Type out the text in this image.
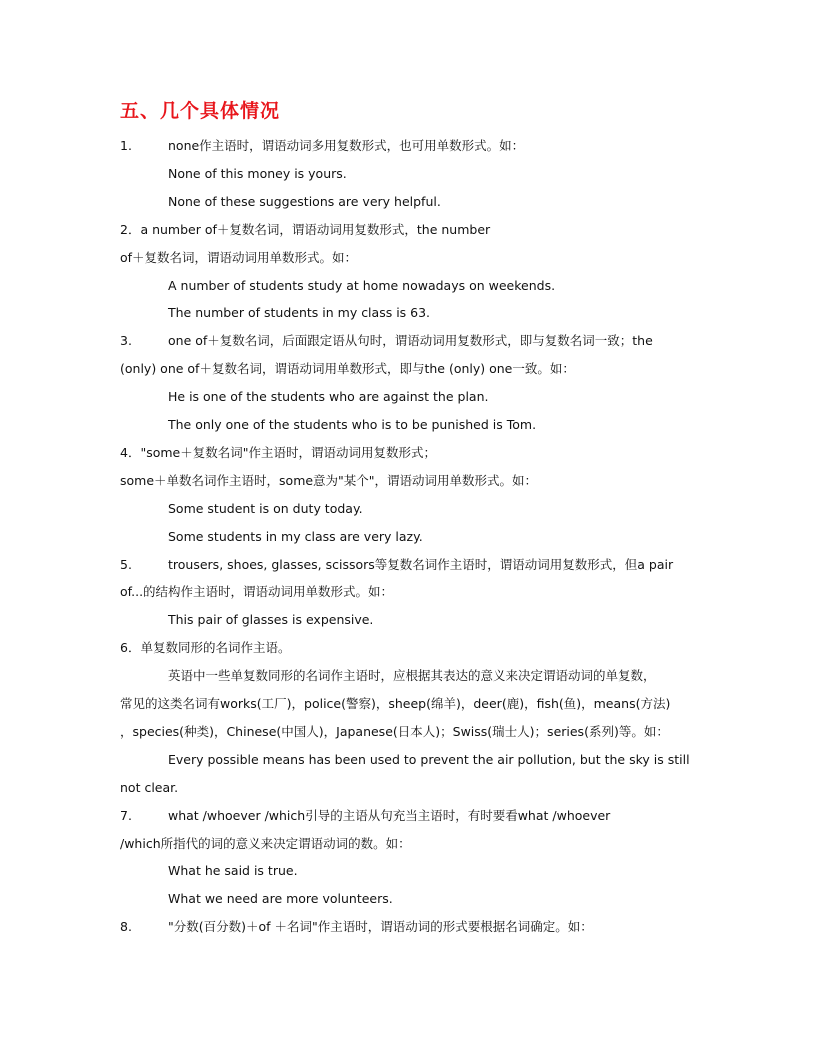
五、几个具体情况
1.	none作主语时，谓语动词多用复数形式，也可用单数形式。如：
None of this money is yours.
None of these suggestions are very helpful.
2．a number of＋复数名词，谓语动词用复数形式，the number
of＋复数名词，谓语动词用单数形式。如：
A number of students study at home nowadays on weekends.
The number of students in my class is 63.
3.	one of＋复数名词，后面跟定语从句时，谓语动词用复数形式，即与复数名词一致；the
(only) one of＋复数名词，谓语动词用单数形式，即与the (only) one一致。如：
He is one of the students who are against the plan.
The only one of the students who is to be punished is Tom.
4．"some＋复数名词"作主语时，谓语动词用复数形式；
some＋单数名词作主语时，some意为"某个"，谓语动词用单数形式。如：
Some student is on duty today.
Some students in my class are very lazy.
5.	trousers, shoes, glasses, scissors等复数名词作主语时，谓语动词用复数形式，但a pair
of...的结构作主语时，谓语动词用单数形式。如：
This pair of glasses is expensive.
6．单复数同形的名词作主语。
英语中一些单复数同形的名词作主语时，应根据其表达的意义来决定谓语动词的单复数，
常见的这类名词有works(工厂)，police(警察)，sheep(绵羊)，deer(鹿)，fish(鱼)，means(方法)
，species(种类)，Chinese(中国人)，Japanese(日本人)；Swiss(瑞士人)；series(系列)等。如：
Every possible means has been used to prevent the air pollution, but the sky is still
not clear.
7.	what /whoever /which引导的主语从句充当主语时，有时要看what /whoever
/which所指代的词的意义来决定谓语动词的数。如：
What he said is true.
What we need are more volunteers.
8.	"分数(百分数)＋of ＋名词"作主语时，谓语动词的形式要根据名词确定。如：
